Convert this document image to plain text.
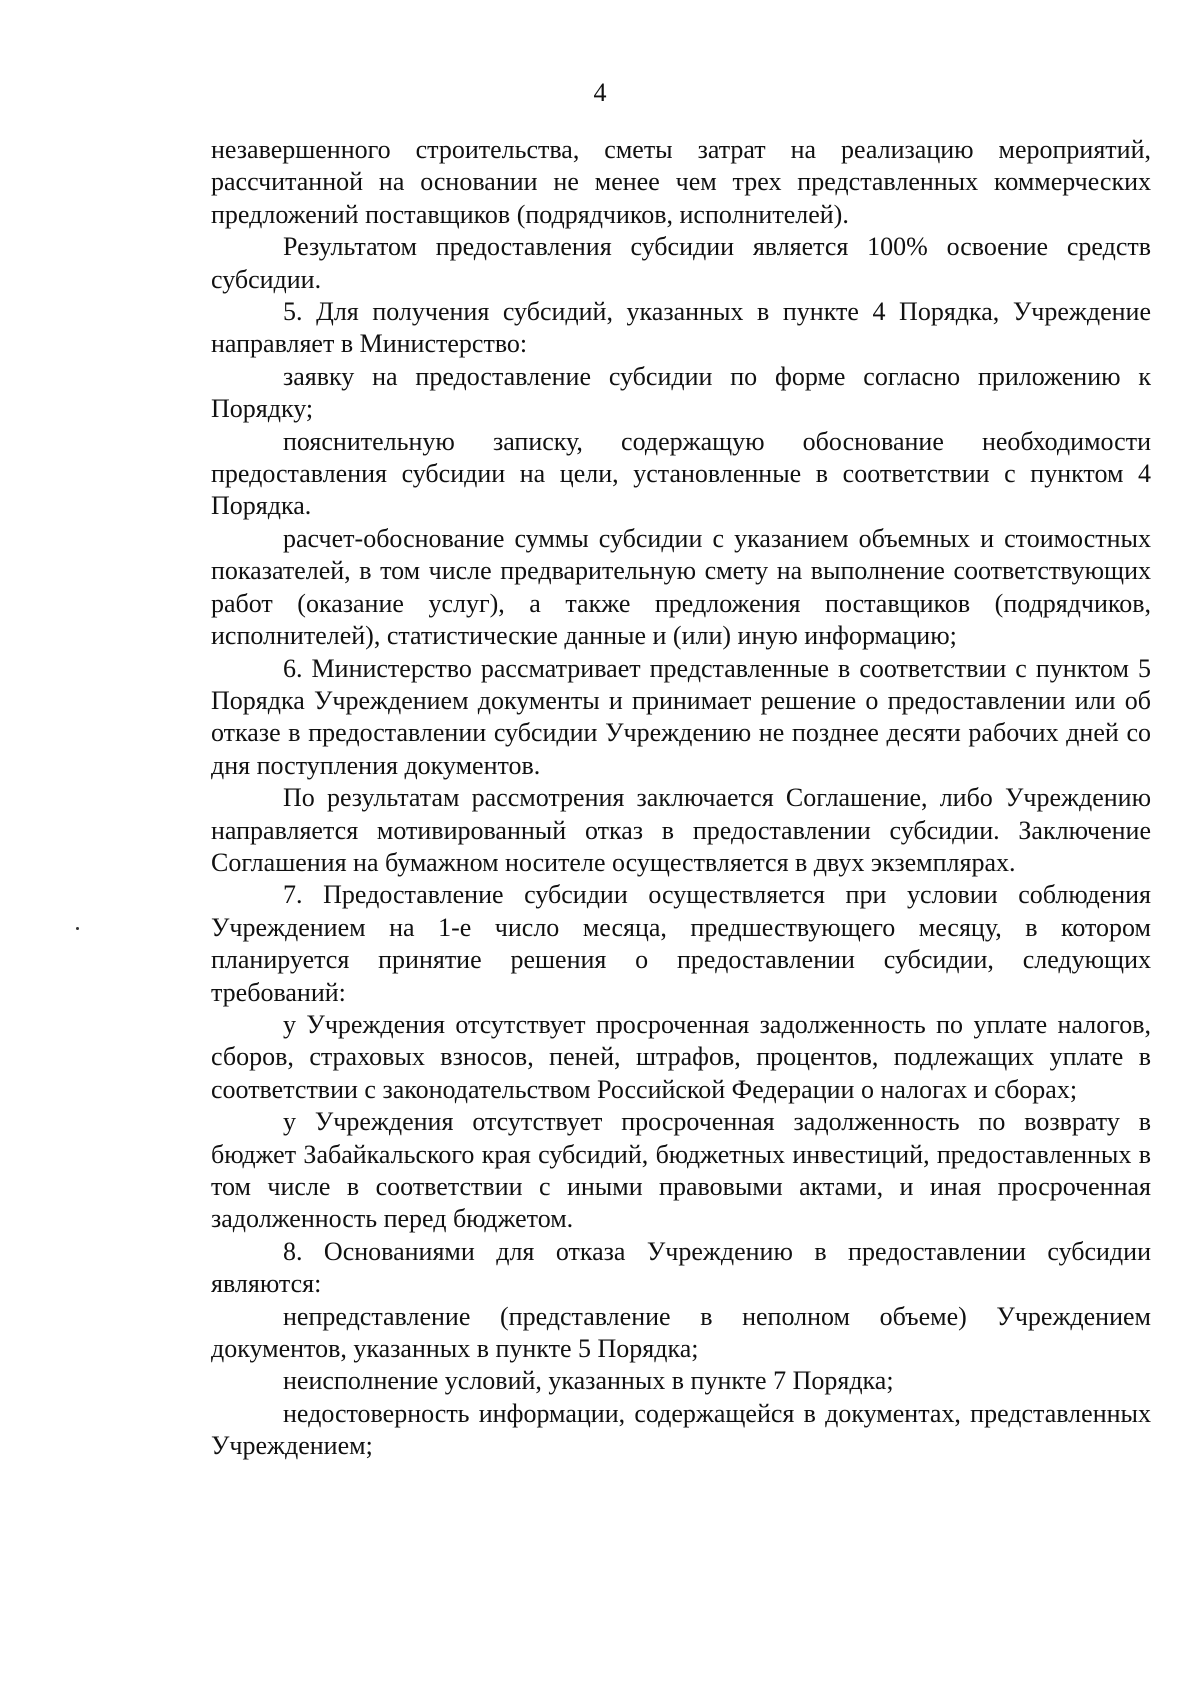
4

незавершенного строительства, сметы затрат на реализацию мероприятий, рассчитанной на основании не менее чем трех представленных коммерческих предложений поставщиков (подрядчиков, исполнителей).

Результатом предоставления субсидии является 100% освоение средств субсидии.

5. Для получения субсидий, указанных в пункте 4 Порядка, Учреждение направляет в Министерство:

заявку на предоставление субсидии по форме согласно приложению к Порядку;

пояснительную записку, содержащую обоснование необходимости предоставления субсидии на цели, установленные в соответствии с пунктом 4 Порядка.

расчет-обоснование суммы субсидии с указанием объемных и стоимостных показателей, в том числе предварительную смету на выполнение соответствующих работ (оказание услуг), а также предложения поставщиков (подрядчиков, исполнителей), статистические данные и (или) иную информацию;

6. Министерство рассматривает представленные в соответствии с пунктом 5 Порядка Учреждением документы и принимает решение о предоставлении или об отказе в предоставлении субсидии Учреждению не позднее десяти рабочих дней со дня поступления документов.

По результатам рассмотрения заключается Соглашение, либо Учреждению направляется мотивированный отказ в предоставлении субсидии. Заключение Соглашения на бумажном носителе осуществляется в двух экземплярах.

7. Предоставление субсидии осуществляется при условии соблюдения Учреждением на 1-е число месяца, предшествующего месяцу, в котором планируется принятие решения о предоставлении субсидии, следующих требований:

у Учреждения отсутствует просроченная задолженность по уплате налогов, сборов, страховых взносов, пеней, штрафов, процентов, подлежащих уплате в соответствии с законодательством Российской Федерации о налогах и сборах;

у Учреждения отсутствует просроченная задолженность по возврату в бюджет Забайкальского края субсидий, бюджетных инвестиций, предоставленных в том числе в соответствии с иными правовыми актами, и иная просроченная задолженность перед бюджетом.

8. Основаниями для отказа Учреждению в предоставлении субсидии являются:

непредставление (представление в неполном объеме) Учреждением документов, указанных в пункте 5 Порядка;

неисполнение условий, указанных в пункте 7 Порядка;

недостоверность информации, содержащейся в документах, представленных Учреждением;
